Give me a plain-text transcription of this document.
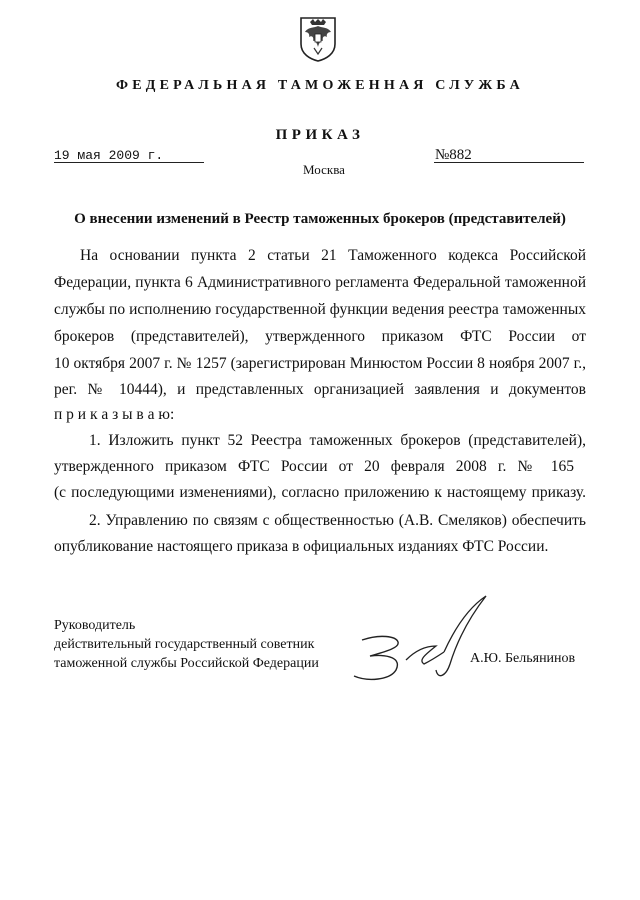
ФЕДЕРАЛЬНАЯ ТАМОЖЕННАЯ СЛУЖБА
ПРИКАЗ
19 мая 2009 г.	№882
Москва
О внесении изменений в Реестр таможенных брокеров (представителей)
На основании пункта 2 статьи 21 Таможенного кодекса Российской
Федерации, пункта 6 Административного регламента Федеральной таможенной
службы по исполнению государственной функции ведения реестра таможенных
брокеров (представителей), утвержденного приказом ФТС России от
10 октября 2007 г. № 1257 (зарегистрирован Минюстом России 8 ноября 2007 г.,
рег. № 10444), и представленных организацией заявления и документов
п р и к а з ы в а ю:
1. Изложить пункт 52 Реестра таможенных брокеров (представителей),
утвержденного приказом ФТС России от 20 февраля 2008 г. № 165
(с последующими изменениями), согласно приложению к настоящему приказу.
2. Управлению по связям с общественностью (А.В. Смеляков) обеспечить
опубликование настоящего приказа в официальных изданиях ФТС России.
Руководитель
действительный государственный советник
таможенной службы Российской Федерации	А.Ю. Бельянинов
